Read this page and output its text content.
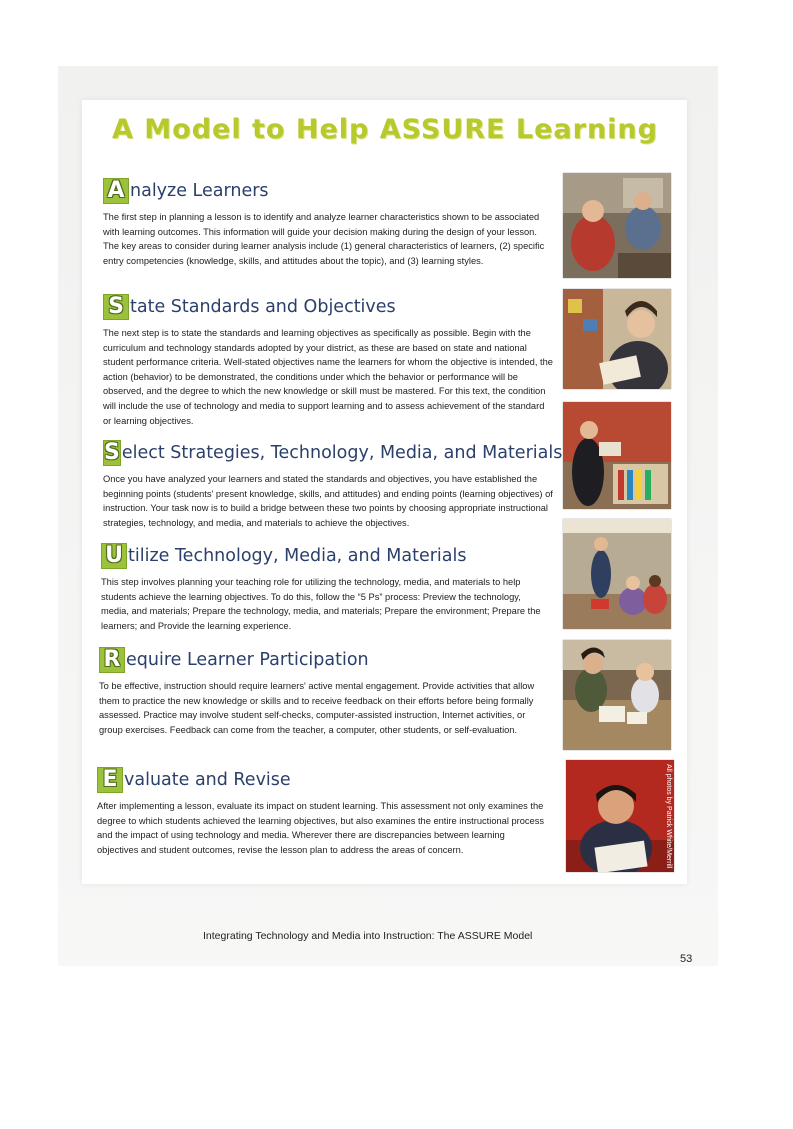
A Model to Help ASSURE Learning
A nalyze Learners
The first step in planning a lesson is to identify and analyze learner characteristics shown to be associated with learning outcomes. This information will guide your decision making during the design of your lesson. The key areas to consider during learner analysis include (1) general characteristics of learners, (2) specific entry competencies (knowledge, skills, and attitudes about the topic), and (3) learning styles.
S tate Standards and Objectives
The next step is to state the standards and learning objectives as specifically as possible. Begin with the curriculum and technology standards adopted by your district, as these are based on state and national student performance criteria. Well-stated objectives name the learners for whom the objective is intended, the action (behavior) to be demonstrated, the conditions under which the behavior or performance will be observed, and the degree to which the new knowledge or skill must be mastered. For this text, the condition will include the use of technology and media to support learning and to assess achievement of the standard or learning objectives.
S elect Strategies, Technology, Media, and Materials
Once you have analyzed your learners and stated the standards and objectives, you have established the beginning points (students' present knowledge, skills, and attitudes) and ending points (learning objectives) of instruction. Your task now is to build a bridge between these two points by choosing appropriate instructional strategies, technology, and media, and materials to achieve the objectives.
U tilize Technology, Media, and Materials
This step involves planning your teaching role for utilizing the technology, media, and materials to help students achieve the learning objectives. To do this, follow the “5 Ps” process: Preview the technology, media, and materials; Prepare the technology, media, and materials; Prepare the environment; Prepare the learners; and Provide the learning experience.
R equire Learner Participation
To be effective, instruction should require learners' active mental engagement. Provide activities that allow them to practice the new knowledge or skills and to receive feedback on their efforts before being formally assessed. Practice may involve student self-checks, computer-assisted instruction, Internet activities, or group exercises. Feedback can come from the teacher, a computer, other students, or self-evaluation.
E valuate and Revise
After implementing a lesson, evaluate its impact on student learning. This assessment not only examines the degree to which students achieved the learning objectives, but also examines the entire instructional process and the impact of using technology and media. Wherever there are discrepancies between learning objectives and student outcomes, revise the lesson plan to address the areas of concern.	All photos by Patrick White/Merrill
Integrating Technology and Media into Instruction: The ASSURE Model
53
